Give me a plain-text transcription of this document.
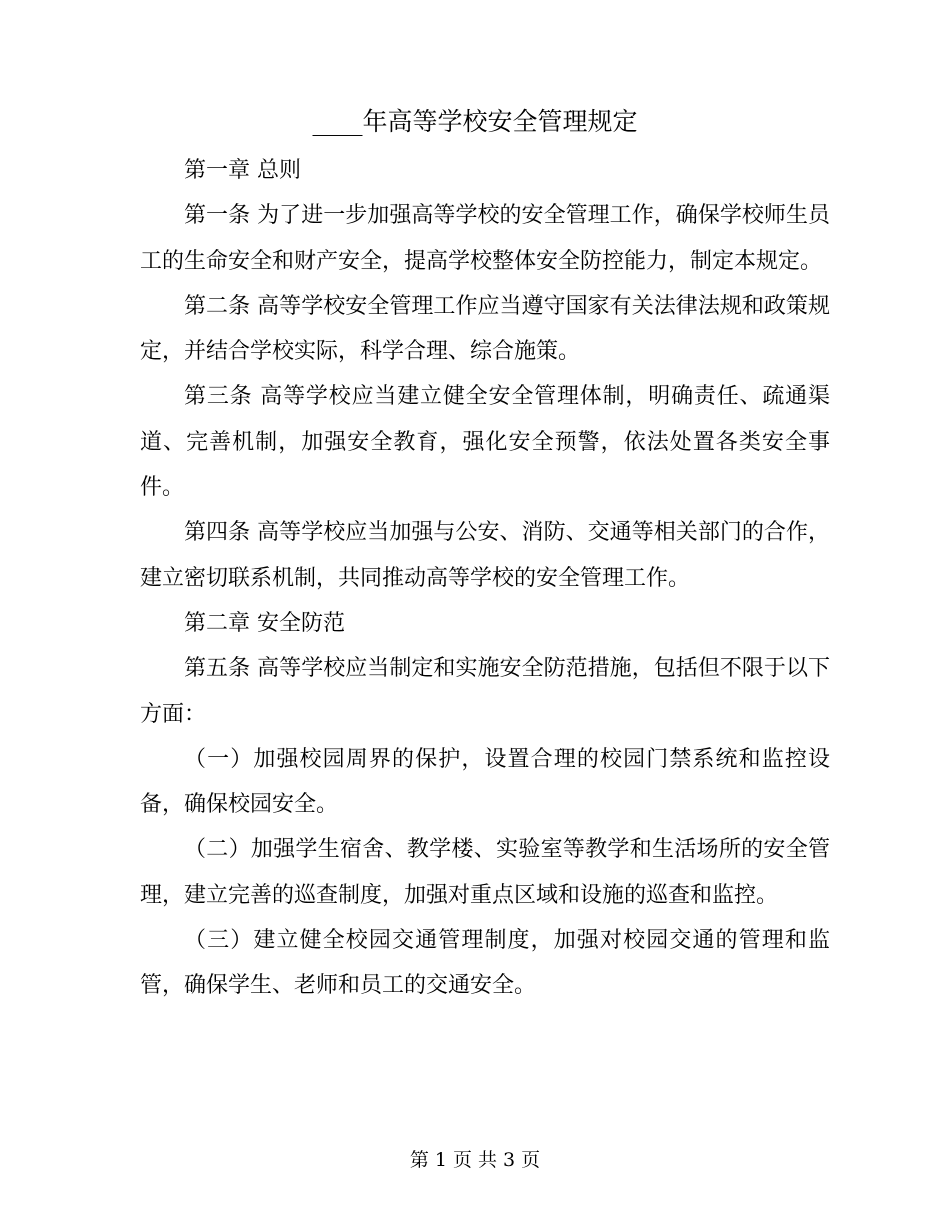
____年高等学校安全管理规定

第一章 总则

第一条 为了进一步加强高等学校的安全管理工作，确保学校师生员工的生命安全和财产安全，提高学校整体安全防控能力，制定本规定。

第二条 高等学校安全管理工作应当遵守国家有关法律法规和政策规定，并结合学校实际，科学合理、综合施策。

第三条 高等学校应当建立健全安全管理体制，明确责任、疏通渠道、完善机制，加强安全教育，强化安全预警，依法处置各类安全事件。

第四条 高等学校应当加强与公安、消防、交通等相关部门的合作，建立密切联系机制，共同推动高等学校的安全管理工作。

第二章 安全防范

第五条 高等学校应当制定和实施安全防范措施，包括但不限于以下方面：

（一）加强校园周界的保护，设置合理的校园门禁系统和监控设备，确保校园安全。

（二）加强学生宿舍、教学楼、实验室等教学和生活场所的安全管理，建立完善的巡查制度，加强对重点区域和设施的巡查和监控。

（三）建立健全校园交通管理制度，加强对校园交通的管理和监管，确保学生、老师和员工的交通安全。

第 1 页 共 3 页
